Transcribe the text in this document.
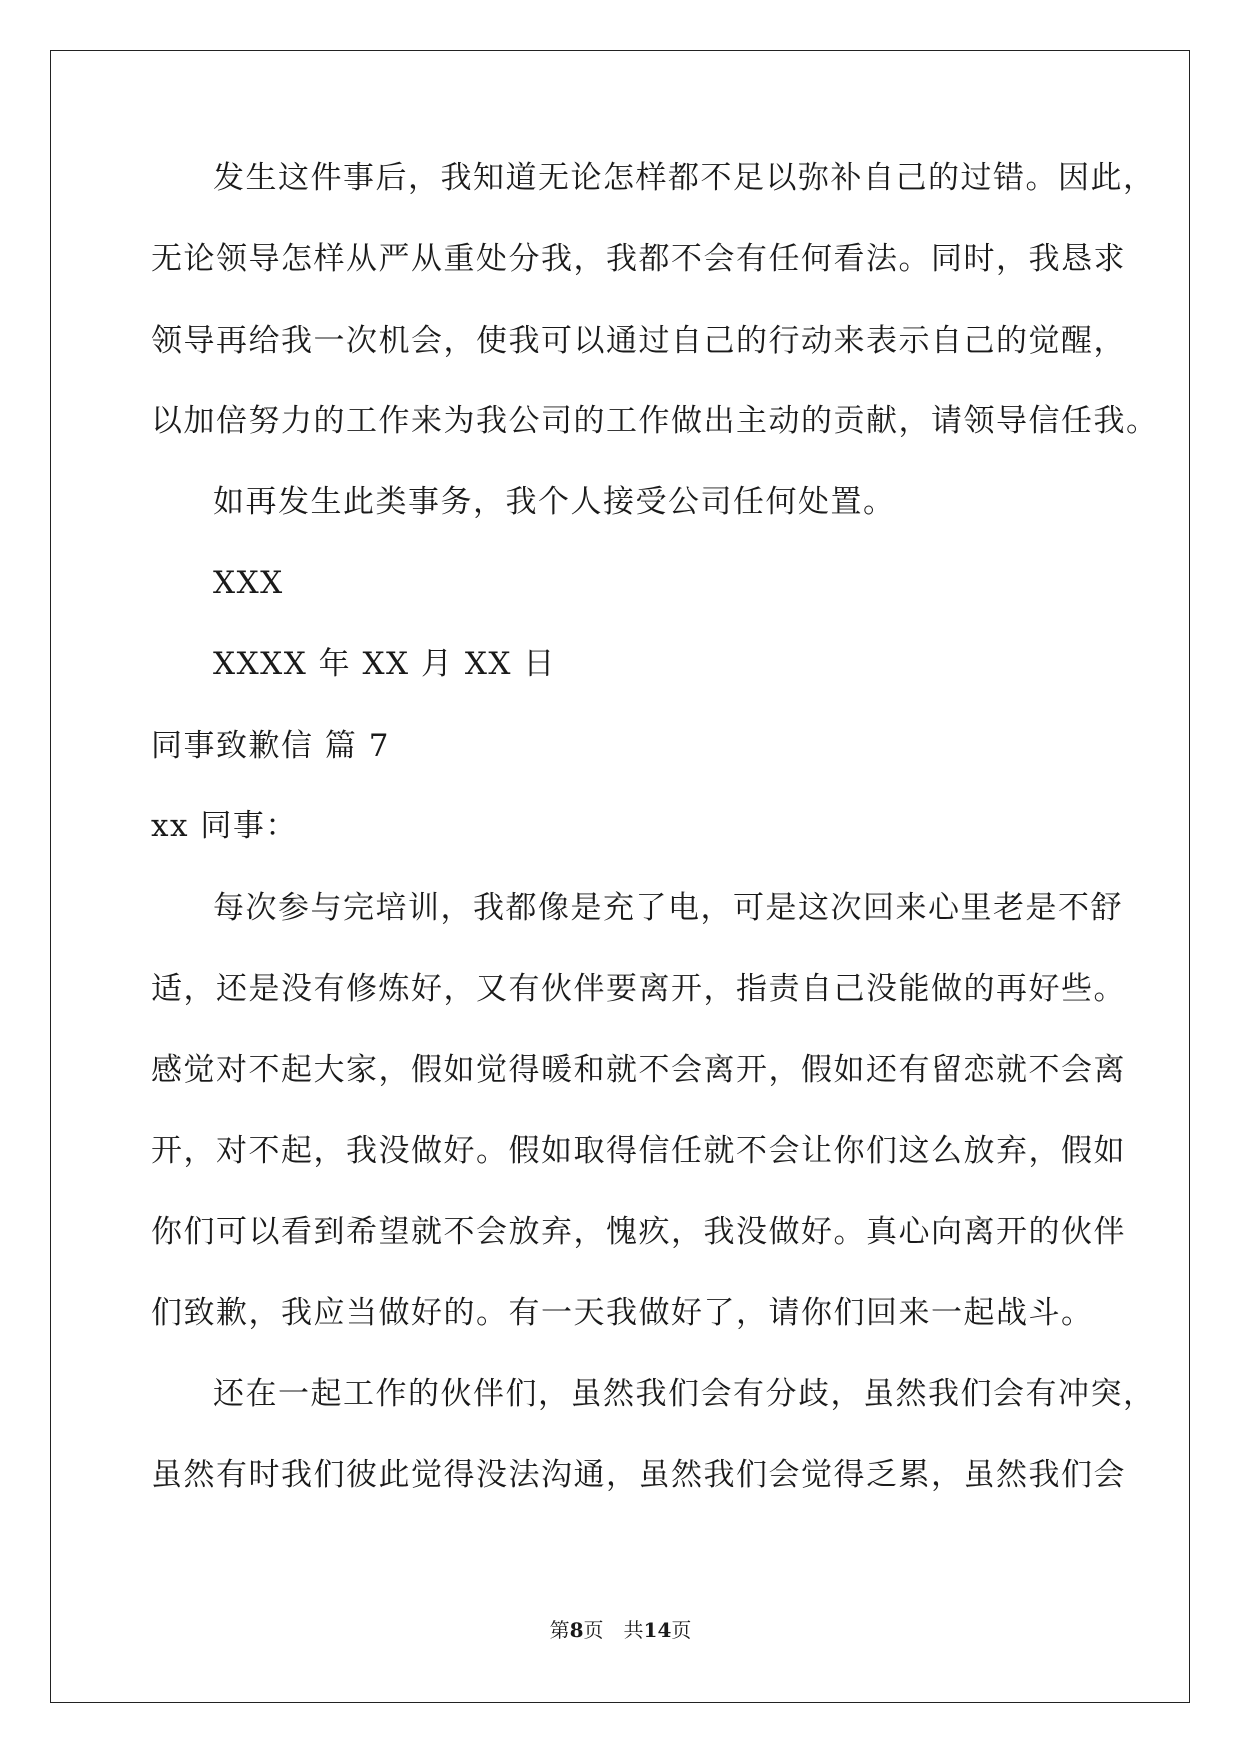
发生这件事后，我知道无论怎样都不足以弥补自己的过错。因此，
无论领导怎样从严从重处分我，我都不会有任何看法。同时，我恳求
领导再给我一次机会，使我可以通过自己的行动来表示自己的觉醒，
以加倍努力的工作来为我公司的工作做出主动的贡献，请领导信任我。
如再发生此类事务，我个人接受公司任何处置。
XXX
XXXX 年 XX 月 XX 日
同事致歉信 篇 7
xx 同事：
每次参与完培训，我都像是充了电，可是这次回来心里老是不舒
适，还是没有修炼好，又有伙伴要离开，指责自己没能做的再好些。
感觉对不起大家，假如觉得暖和就不会离开，假如还有留恋就不会离
开，对不起，我没做好。假如取得信任就不会让你们这么放弃，假如
你们可以看到希望就不会放弃，愧疚，我没做好。真心向离开的伙伴
们致歉，我应当做好的。有一天我做好了，请你们回来一起战斗。
还在一起工作的伙伴们，虽然我们会有分歧，虽然我们会有冲突，
虽然有时我们彼此觉得没法沟通，虽然我们会觉得乏累，虽然我们会
第8页　共14页
